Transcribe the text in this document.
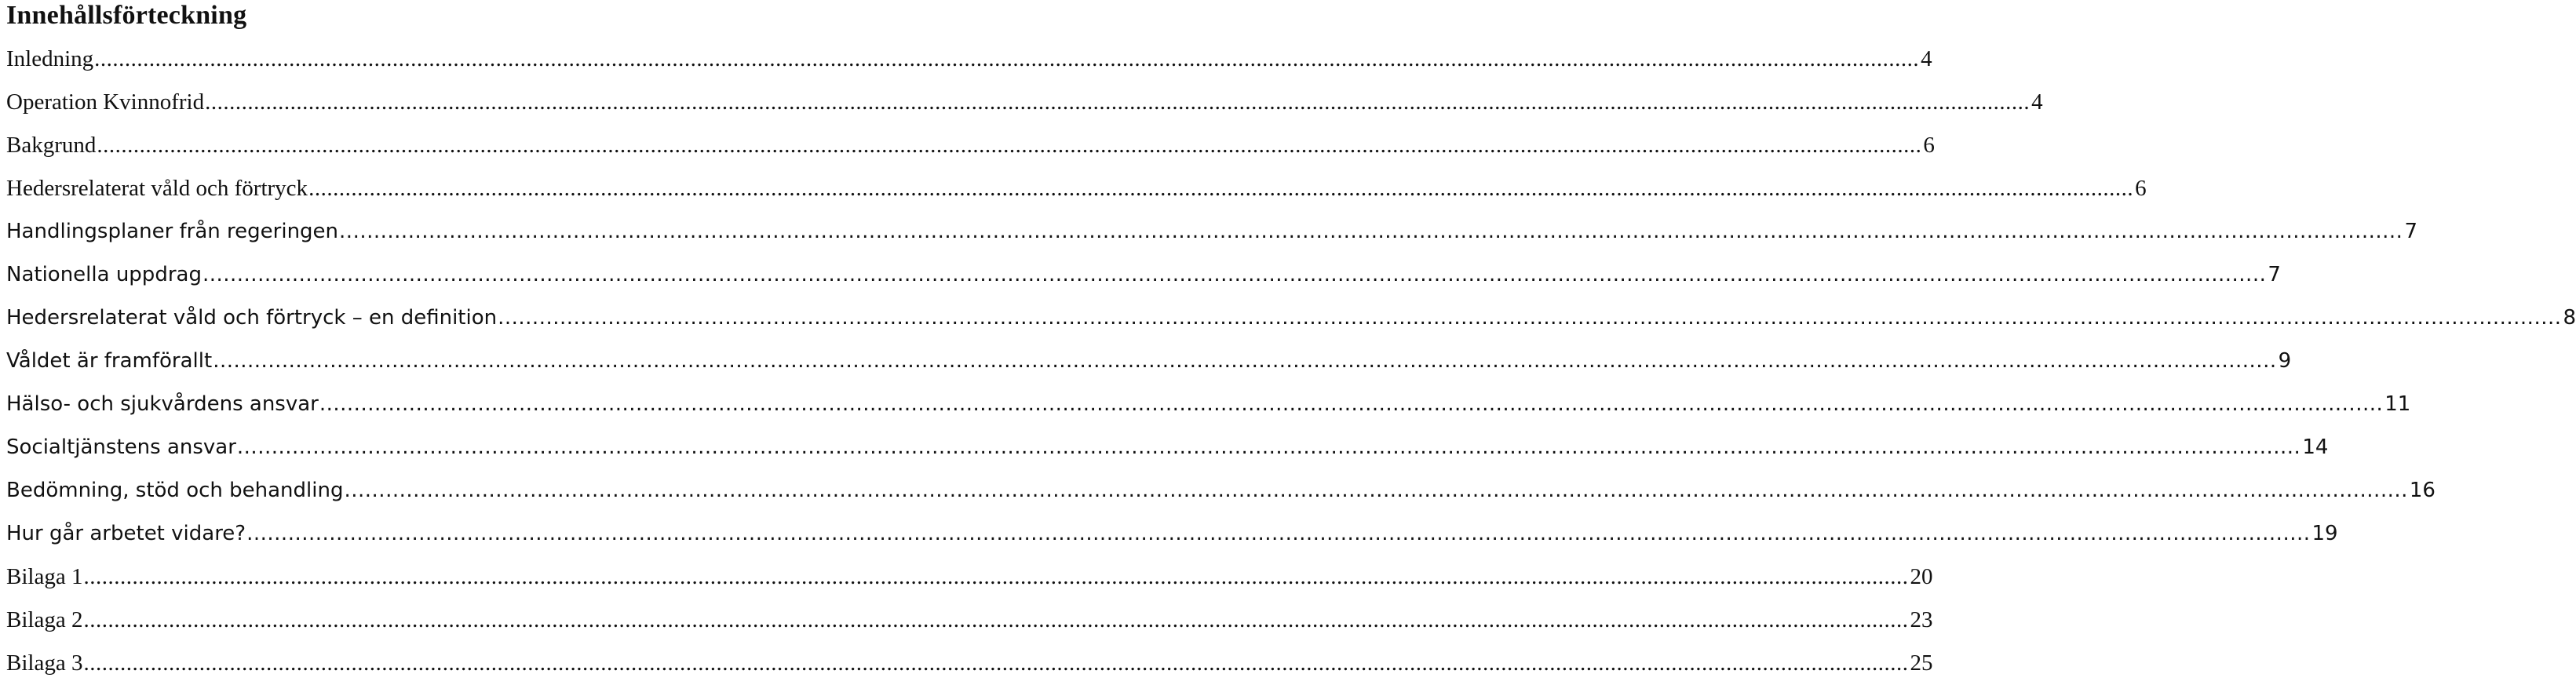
Innehållsförteckning
Inledning ............................................................................................................................................................................................................................................................................................................ 4
Operation Kvinnofrid ............................................................................................................................................................................................................................................................................................................ 4
Bakgrund ............................................................................................................................................................................................................................................................................................................ 6
Hedersrelaterat våld och förtryck ............................................................................................................................................................................................................................................................................................................ 6
Handlingsplaner från regeringen ............................................................................................................................................................................................................................................................................................................ 7
Nationella uppdrag ............................................................................................................................................................................................................................................................................................................ 7
Hedersrelaterat våld och förtryck – en definition ............................................................................................................................................................................................................................................................................................................ 8
Våldet är framförallt ............................................................................................................................................................................................................................................................................................................ 9
Hälso- och sjukvårdens ansvar ............................................................................................................................................................................................................................................................................................................ 11
Socialtjänstens ansvar ............................................................................................................................................................................................................................................................................................................ 14
Bedömning, stöd och behandling ............................................................................................................................................................................................................................................................................................................ 16
Hur går arbetet vidare? ............................................................................................................................................................................................................................................................................................................ 19
Bilaga 1 ............................................................................................................................................................................................................................................................................................................ 20
Bilaga 2 ............................................................................................................................................................................................................................................................................................................ 23
Bilaga 3 ............................................................................................................................................................................................................................................................................................................ 25
